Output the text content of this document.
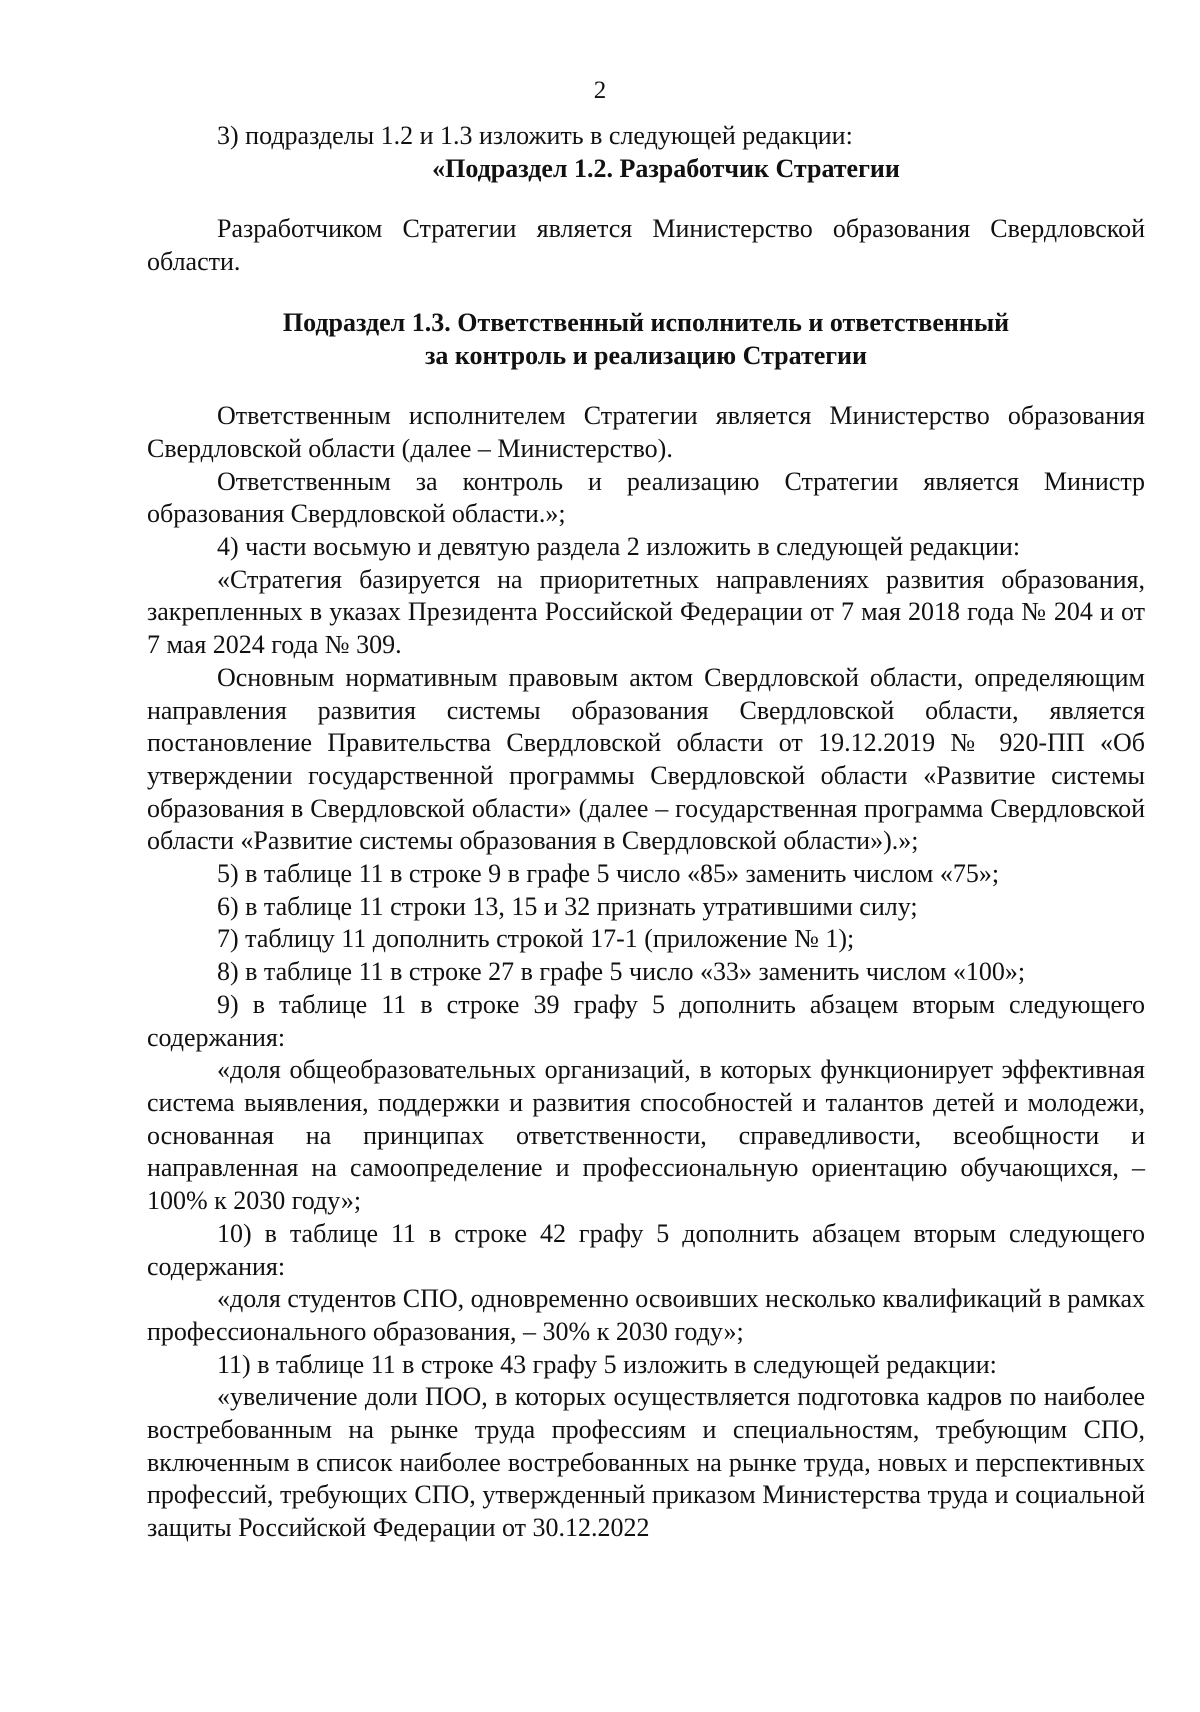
2

3) подразделы 1.2 и 1.3 изложить в следующей редакции:

«Подраздел 1.2. Разработчик Стратегии

Разработчиком Стратегии является Министерство образования Свердловской области.

Подраздел 1.3. Ответственный исполнитель и ответственный

за контроль и реализацию Стратегии

Ответственным исполнителем Стратегии является Министерство образования Свердловской области (далее – Министерство).

Ответственным за контроль и реализацию Стратегии является Министр образования Свердловской области.»;

4) части восьмую и девятую раздела 2 изложить в следующей редакции:

«Стратегия базируется на приоритетных направлениях развития образования, закрепленных в указах Президента Российской Федерации от 7 мая 2018 года № 204 и от 7 мая 2024 года № 309.

Основным нормативным правовым актом Свердловской области, определяющим направления развития системы образования Свердловской области, является постановление Правительства Свердловской области от 19.12.2019 № 920-ПП «Об утверждении государственной программы Свердловской области «Развитие системы образования в Свердловской области» (далее – государственная программа Свердловской области «Развитие системы образования в Свердловской области»).»;

5) в таблице 11 в строке 9 в графе 5 число «85» заменить числом «75»;

6) в таблице 11 строки 13, 15 и 32 признать утратившими силу;

7) таблицу 11 дополнить строкой 17-1 (приложение № 1);

8) в таблице 11 в строке 27 в графе 5 число «33» заменить числом «100»;

9) в таблице 11 в строке 39 графу 5 дополнить абзацем вторым следующего содержания:

«доля общеобразовательных организаций, в которых функционирует эффективная система выявления, поддержки и развития способностей и талантов детей и молодежи, основанная на принципах ответственности, справедливости, всеобщности и направленная на самоопределение и профессиональную ориентацию обучающихся, – 100% к 2030 году»;

10) в таблице 11 в строке 42 графу 5 дополнить абзацем вторым следующего содержания:

«доля студентов СПО, одновременно освоивших несколько квалификаций в рамках профессионального образования, – 30% к 2030 году»;

11) в таблице 11 в строке 43 графу 5 изложить в следующей редакции:

«увеличение доли ПОО, в которых осуществляется подготовка кадров по наиболее востребованным на рынке труда профессиям и специальностям, требующим СПО, включенным в список наиболее востребованных на рынке труда, новых и перспективных профессий, требующих СПО, утвержденный приказом Министерства труда и социальной защиты Российской Федерации от 30.12.2022
